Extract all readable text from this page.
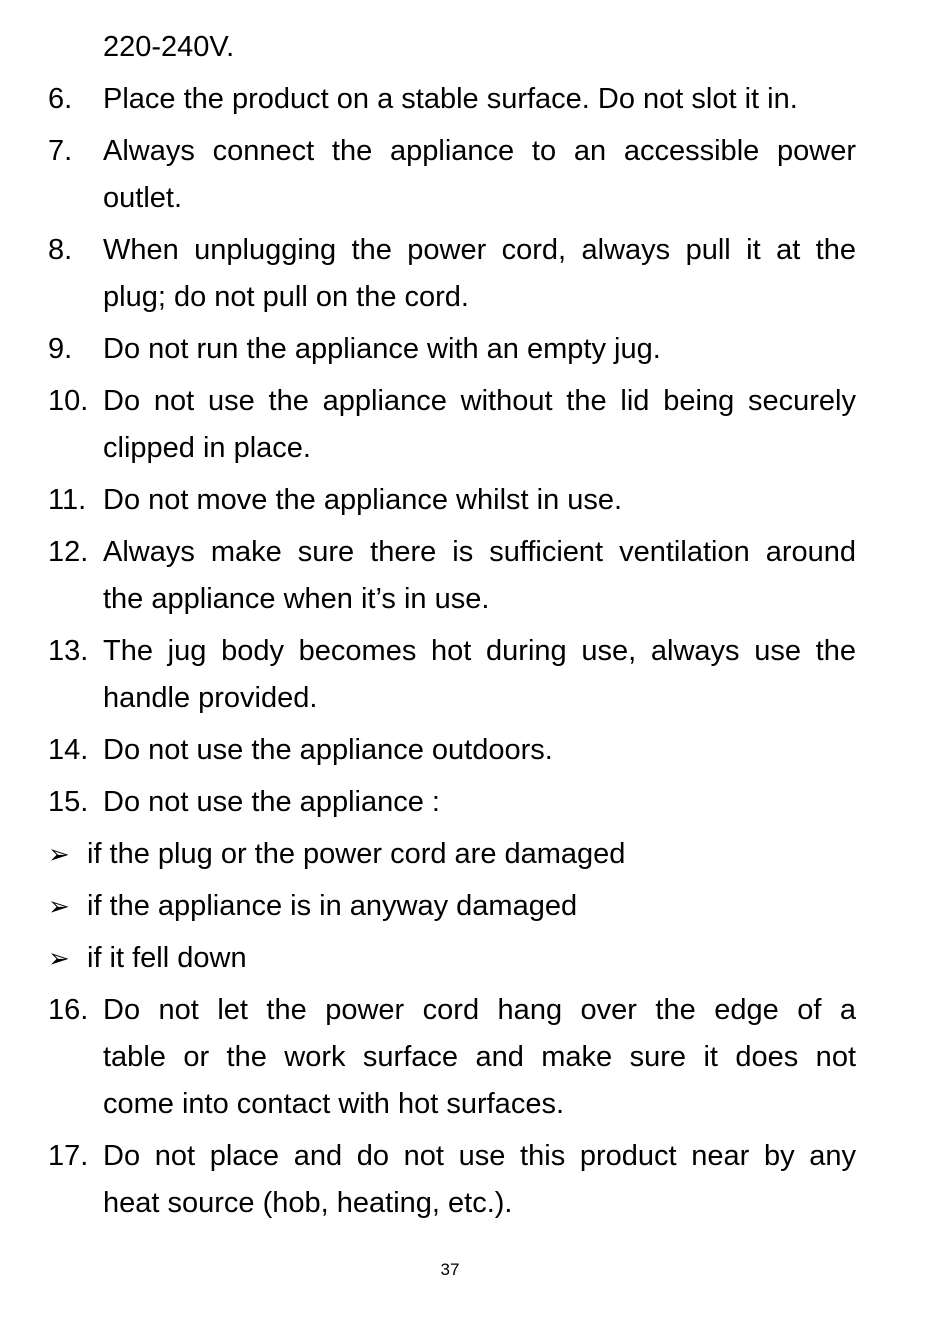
220-240V.
6. Place the product on a stable surface. Do not slot it in.
7. Always connect the appliance to an accessible power
outlet.
8. When unplugging the power cord, always pull it at the
plug; do not pull on the cord.
9. Do not run the appliance with an empty jug.
10. Do not use the appliance without the lid being securely
clipped in place.
11. Do not move the appliance whilst in use.
12. Always make sure there is sufficient ventilation around
the appliance when it’s in use.
13. The jug body becomes hot during use, always use the
handle provided.
14. Do not use the appliance outdoors.
15. Do not use the appliance :
➢ if the plug or the power cord are damaged
➢ if the appliance is in anyway damaged
➢ if it fell down
16. Do not let the power cord hang over the edge of a
table or the work surface and make sure it does not
come into contact with hot surfaces.
17. Do not place and do not use this product near by any
heat source (hob, heating, etc.).
37
